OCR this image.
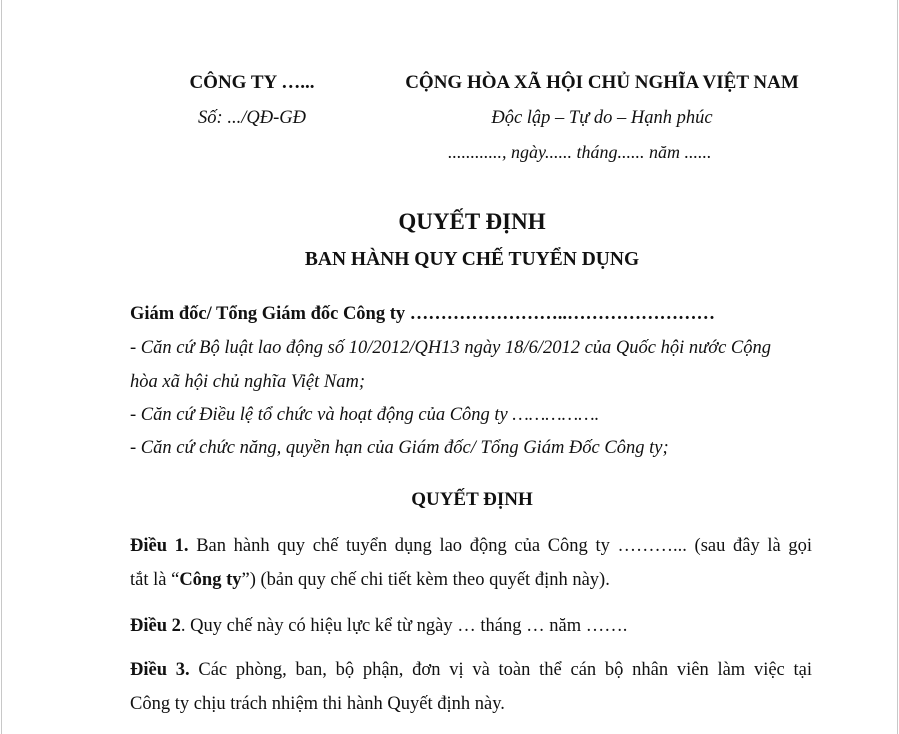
CÔNG TY …...
Số: .../QĐ-GĐ
CỘNG HÒA XÃ HỘI CHỦ NGHĨA VIỆT NAM
Độc lập – Tự do – Hạnh phúc
............, ngày...... tháng...... năm ......
QUYẾT ĐỊNH
BAN HÀNH QUY CHẾ TUYỂN DỤNG
Giám đốc/ Tổng Giám đốc Công ty ……………………..……………………
- Căn cứ Bộ luật lao động số 10/2012/QH13 ngày 18/6/2012 của Quốc hội nước Cộng
hòa xã hội chủ nghĩa Việt Nam;
- Căn cứ Điều lệ tổ chức và hoạt động của Công ty …………….
- Căn cứ chức năng, quyền hạn của Giám đốc/ Tổng Giám Đốc Công ty;
QUYẾT ĐỊNH
Điều 1. Ban hành quy chế tuyển dụng lao động của Công ty ………... (sau đây là gọi
tắt là “Công ty”) (bản quy chế chi tiết kèm theo quyết định này).
Điều 2. Quy chế này có hiệu lực kể từ ngày … tháng … năm …….
Điều 3. Các phòng, ban, bộ phận, đơn vị và toàn thể cán bộ nhân viên làm việc tại
Công ty chịu trách nhiệm thi hành Quyết định này.
